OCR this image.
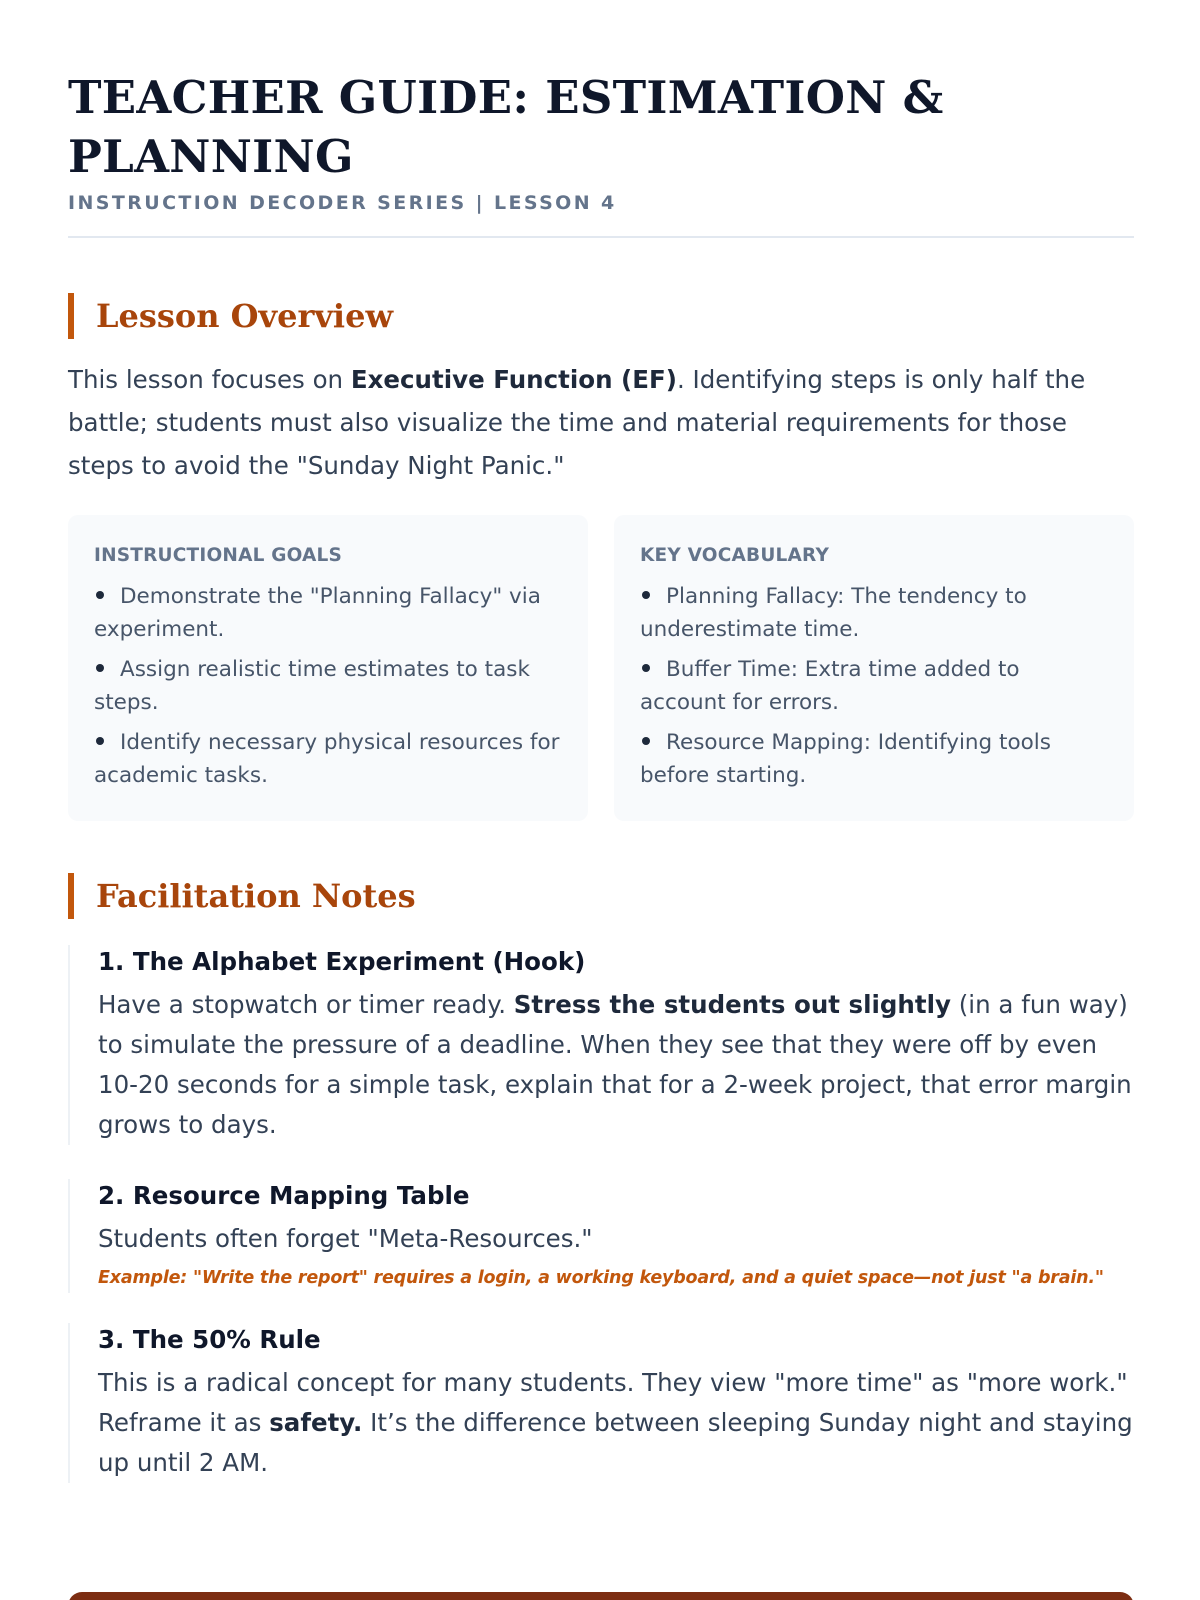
TEACHER GUIDE: ESTIMATION & PLANNING
INSTRUCTION DECODER SERIES | LESSON 4
Lesson Overview

This lesson focuses on Executive Function (EF). Identifying steps is only half the battle; students must also visualize the time and material requirements for those steps to avoid the "Sunday Night Panic."

INSTRUCTIONAL GOALS
Demonstrate the "Planning Fallacy" via experiment.
Assign realistic time estimates to task steps.
Identify necessary physical resources for academic tasks.
KEY VOCABULARY
Planning Fallacy: The tendency to underestimate time.
Buffer Time: Extra time added to account for errors.
Resource Mapping: Identifying tools before starting.
Facilitation Notes
1. The Alphabet Experiment (Hook)

Have a stopwatch or timer ready. Stress the students out slightly (in a fun way) to simulate the pressure of a deadline. When they see that they were off by even 10-20 seconds for a simple task, explain that for a 2-week project, that error margin grows to days.

2. Resource Mapping Table

Students often forget "Meta-Resources."

Example: "Write the report" requires a login, a working keyboard, and a quiet space—not just "a brain."

3. The 50% Rule

This is a radical concept for many students. They view "more time" as "more work." Reframe it as safety. It’s the difference between sleeping Sunday night and staying up until 2 AM.
